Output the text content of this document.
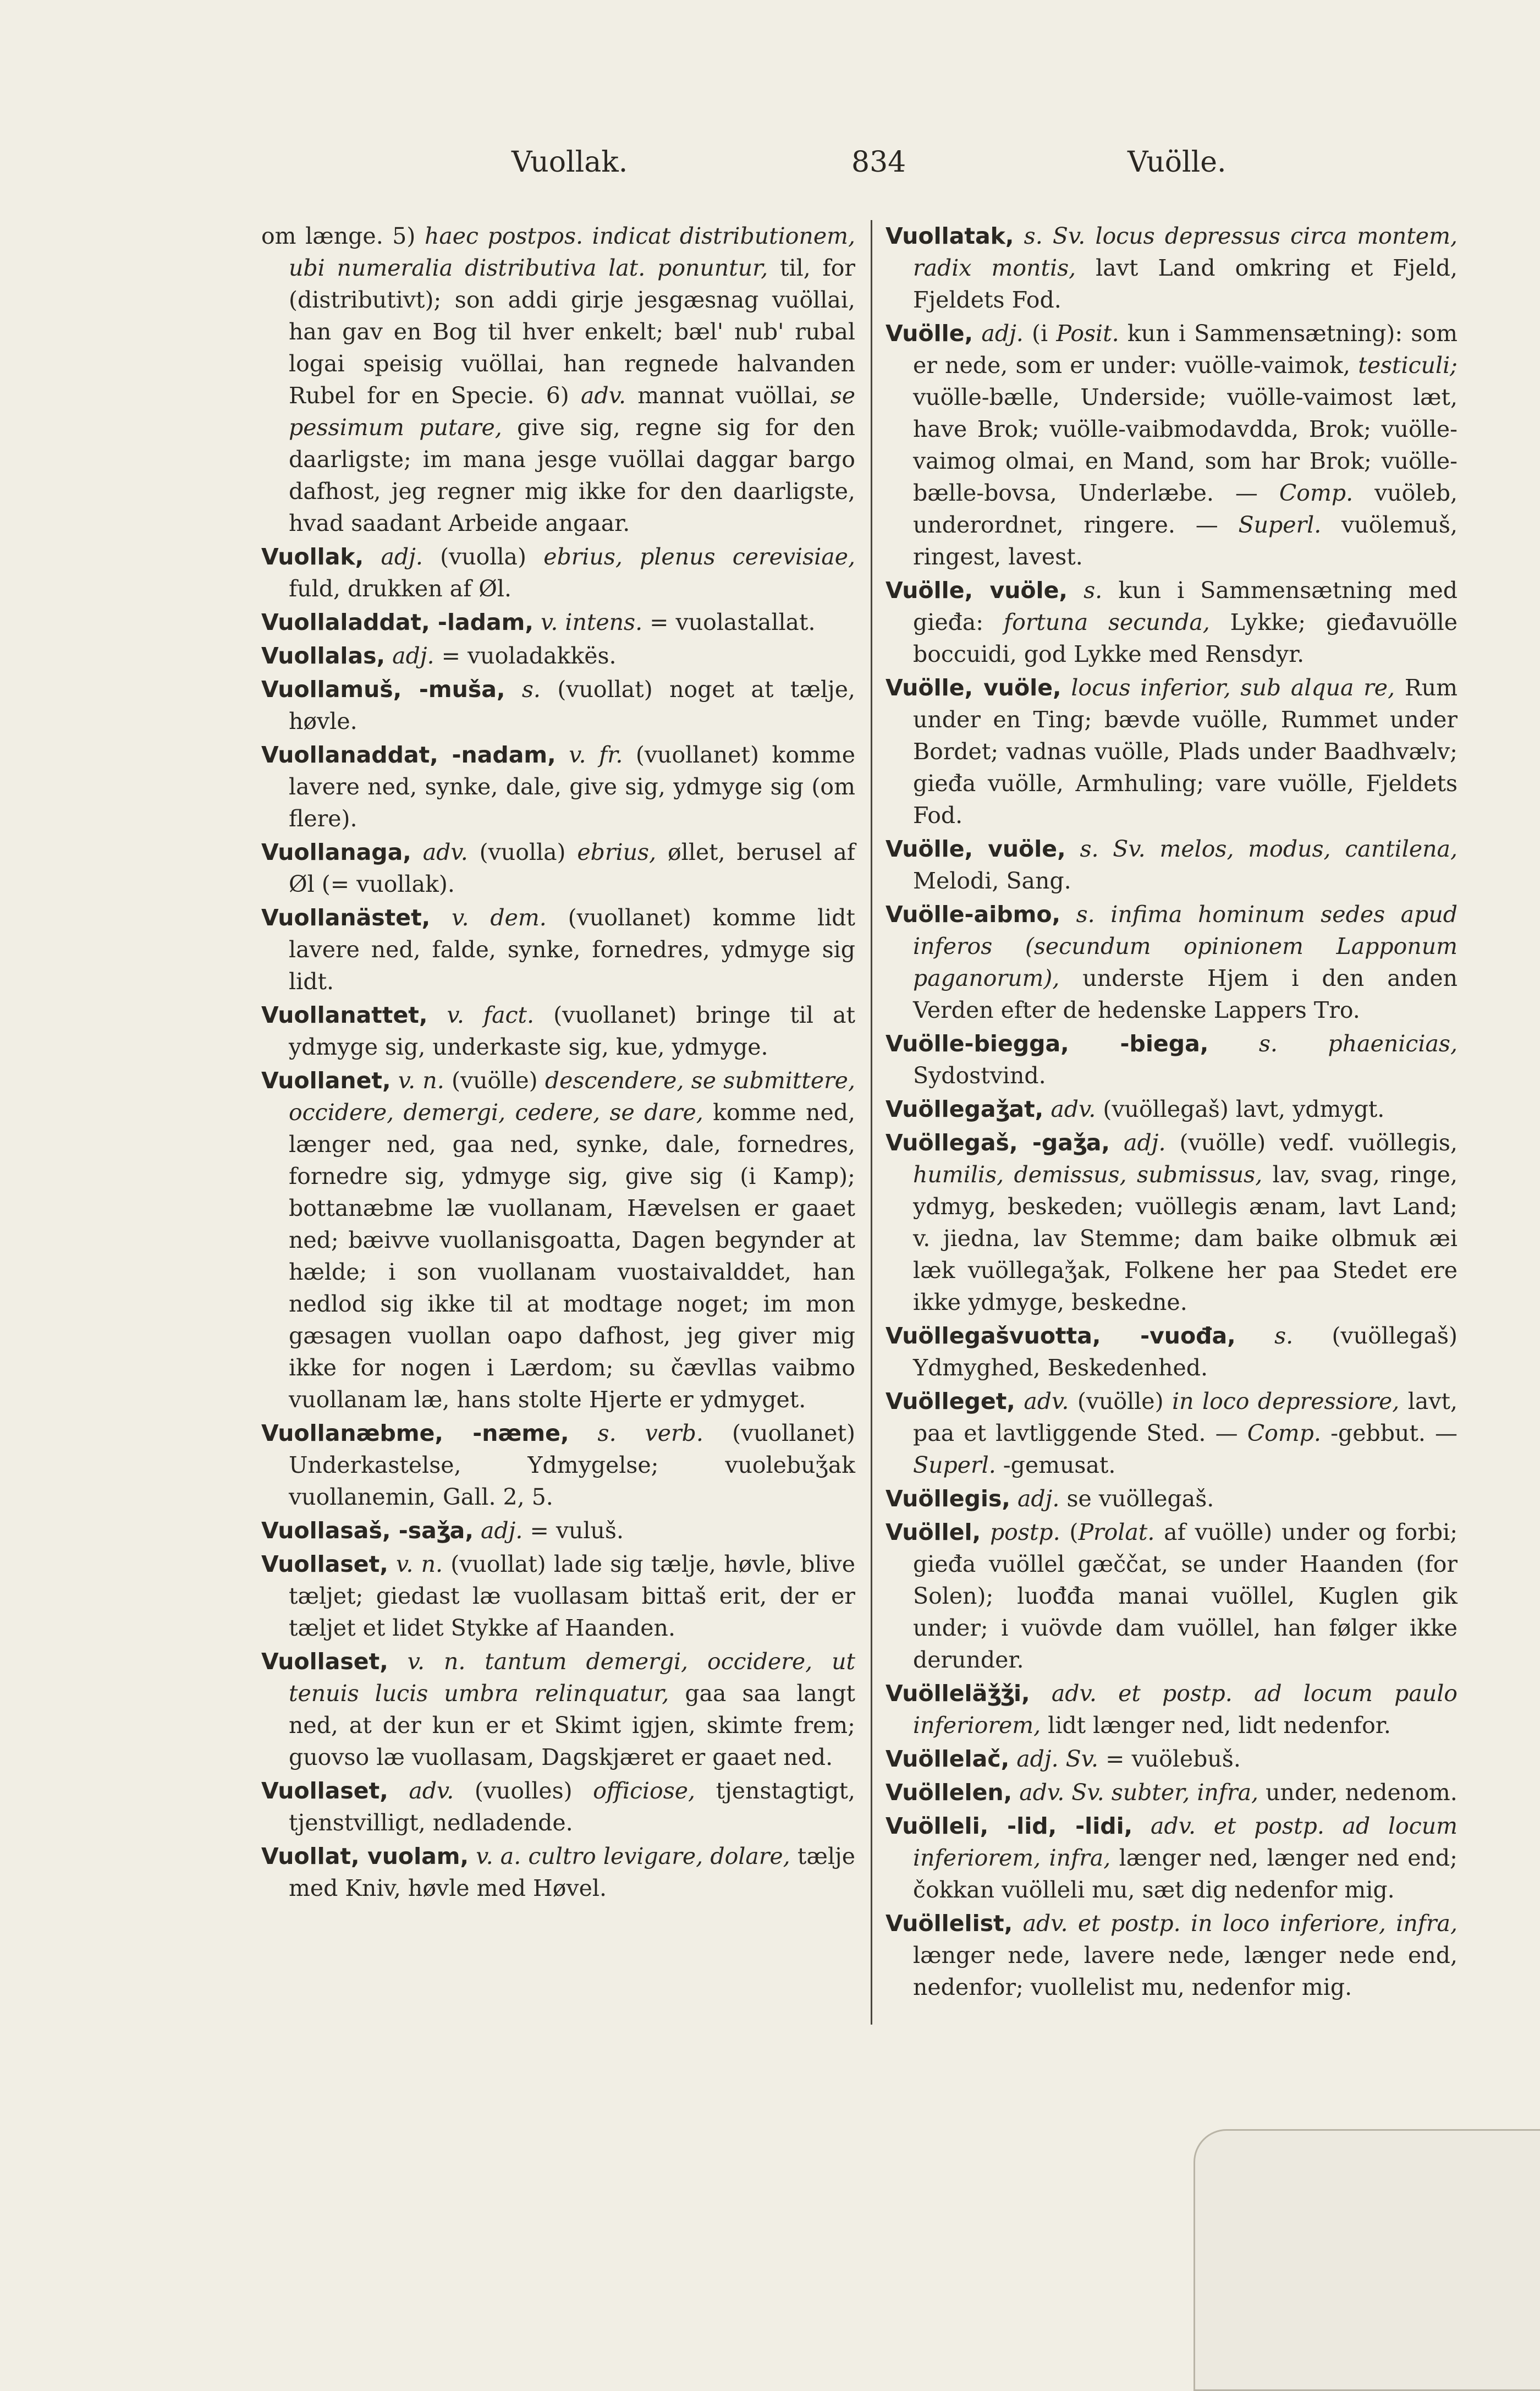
Vuollak.	834	Vuölle.
om længe. 5) haec postpos. indicat distributionem, ubi numeralia distributiva lat. ponuntur, til, for (distributivt); son addi girje jesgæsnag vuöllai, han gav en Bog til hver enkelt; bæl' nub' rubal logai speisig vuöllai, han regnede halvanden Rubel for en Specie. 6) adv. mannat vuöllai, se pessimum putare, give sig, regne sig for den daarligste; im mana jesge vuöllai daggar bargo dafhost, jeg regner mig ikke for den daarligste, hvad saadant Arbeide angaar.
Vuollak, adj. (vuolla) ebrius, plenus cerevisiae, fuld, drukken af Øl.
Vuollaladdat, -ladam, v. intens. = vuolastallat.
Vuollalas, adj. = vuoladakkës.
Vuollamuš, -muša, s. (vuollat) noget at tælje, høvle.
Vuollanaddat, -nadam, v. fr. (vuollanet) komme lavere ned, synke, dale, give sig, ydmyge sig (om flere).
Vuollanaga, adv. (vuolla) ebrius, øllet, berusel af Øl (= vuollak).
Vuollanästet, v. dem. (vuollanet) komme lidt lavere ned, falde, synke, fornedres, ydmyge sig lidt.
Vuollanattet, v. fact. (vuollanet) bringe til at ydmyge sig, underkaste sig, kue, ydmyge.
Vuollanet, v. n. (vuölle) descendere, se submittere, occidere, demergi, cedere, se dare, komme ned, længer ned, gaa ned, synke, dale, fornedres, fornedre sig, ydmyge sig, give sig (i Kamp); bottanæbme læ vuollanam, Hævelsen er gaaet ned; bæivve vuollanisgoatta, Dagen begynder at hælde; i son vuollanam vuostaivalddet, han nedlod sig ikke til at modtage noget; im mon gæsagen vuollan oapo dafhost, jeg giver mig ikke for nogen i Lærdom; su čævllas vaibmo vuollanam læ, hans stolte Hjerte er ydmyget.
Vuollanæbme, -næme, s. verb. (vuollanet) Underkastelse, Ydmygelse; vuolebuǯak vuollanemin, Gall. 2, 5.
Vuollasaš, -saǯa, adj. = vuluš.
Vuollaset, v. n. (vuollat) lade sig tælje, høvle, blive tæljet; giedast læ vuollasam bittaš erit, der er tæljet et lidet Stykke af Haanden.
Vuollaset, v. n. tantum demergi, occidere, ut tenuis lucis umbra relinquatur, gaa saa langt ned, at der kun er et Skimt igjen, skimte frem; guovso læ vuollasam, Dagskjæret er gaaet ned.
Vuollaset, adv. (vuolles) officiose, tjenstagtigt, tjenstvilligt, nedladende.
Vuollat, vuolam, v. a. cultro levigare, dolare, tælje med Kniv, høvle med Høvel.
Vuollatak, s. Sv. locus depressus circa montem, radix montis, lavt Land omkring et Fjeld, Fjeldets Fod.
Vuölle, adj. (i Posit. kun i Sammensætning): som er nede, som er under: vuölle-vaimok, testiculi; vuölle-bælle, Underside; vuölle-vaimost læt, have Brok; vuölle-vaibmodavdda, Brok; vuölle-vaimog olmai, en Mand, som har Brok; vuölle-bælle-bovsa, Underlæbe. — Comp. vuöleb, underordnet, ringere. — Superl. vuölemuš, ringest, lavest.
Vuölle, vuöle, s. kun i Sammensætning med gieđa: fortuna secunda, Lykke; gieđavuölle boccuidi, god Lykke med Rensdyr.
Vuölle, vuöle, locus inferior, sub alqua re, Rum under en Ting; bævde vuölle, Rummet under Bordet; vadnas vuölle, Plads under Baadhvælv; gieđa vuölle, Armhuling; vare vuölle, Fjeldets Fod.
Vuölle, vuöle, s. Sv. melos, modus, cantilena, Melodi, Sang.
Vuölle-aibmo, s. infima hominum sedes apud inferos (secundum opinionem Lapponum paganorum), underste Hjem i den anden Verden efter de hedenske Lappers Tro.
Vuölle-biegga, -biega, s. phaenicias, Sydostvind.
Vuöllegaǯat, adv. (vuöllegaš) lavt, ydmygt.
Vuöllegaš, -gaǯa, adj. (vuölle) vedf. vuöllegis, humilis, demissus, submissus, lav, svag, ringe, ydmyg, beskeden; vuöllegis ænam, lavt Land; v. jiedna, lav Stemme; dam baike olbmuk æi læk vuöllegaǯak, Folkene her paa Stedet ere ikke ydmyge, beskedne.
Vuöllegašvuotta, -vuođa, s. (vuöllegaš) Ydmyghed, Beskedenhed.
Vuölleget, adv. (vuölle) in loco depressiore, lavt, paa et lavtliggende Sted. — Comp. -gebbut. — Superl. -gemusat.
Vuöllegis, adj. se vuöllegaš.
Vuöllel, postp. (Prolat. af vuölle) under og forbi; gieđa vuöllel gæččat, se under Haanden (for Solen); luođđa manai vuöllel, Kuglen gik under; i vuövde dam vuöllel, han følger ikke derunder.
Vuölleläǯǯi, adv. et postp. ad locum paulo inferiorem, lidt længer ned, lidt nedenfor.
Vuöllelač, adj. Sv. = vuölebuš.
Vuöllelen, adv. Sv. subter, infra, under, nedenom.
Vuölleli, -lid, -lidi, adv. et postp. ad locum inferiorem, infra, længer ned, længer ned end; čokkan vuölleli mu, sæt dig nedenfor mig.
Vuöllelist, adv. et postp. in loco inferiore, infra, længer nede, lavere nede, længer nede end, nedenfor; vuollelist mu, nedenfor mig.
